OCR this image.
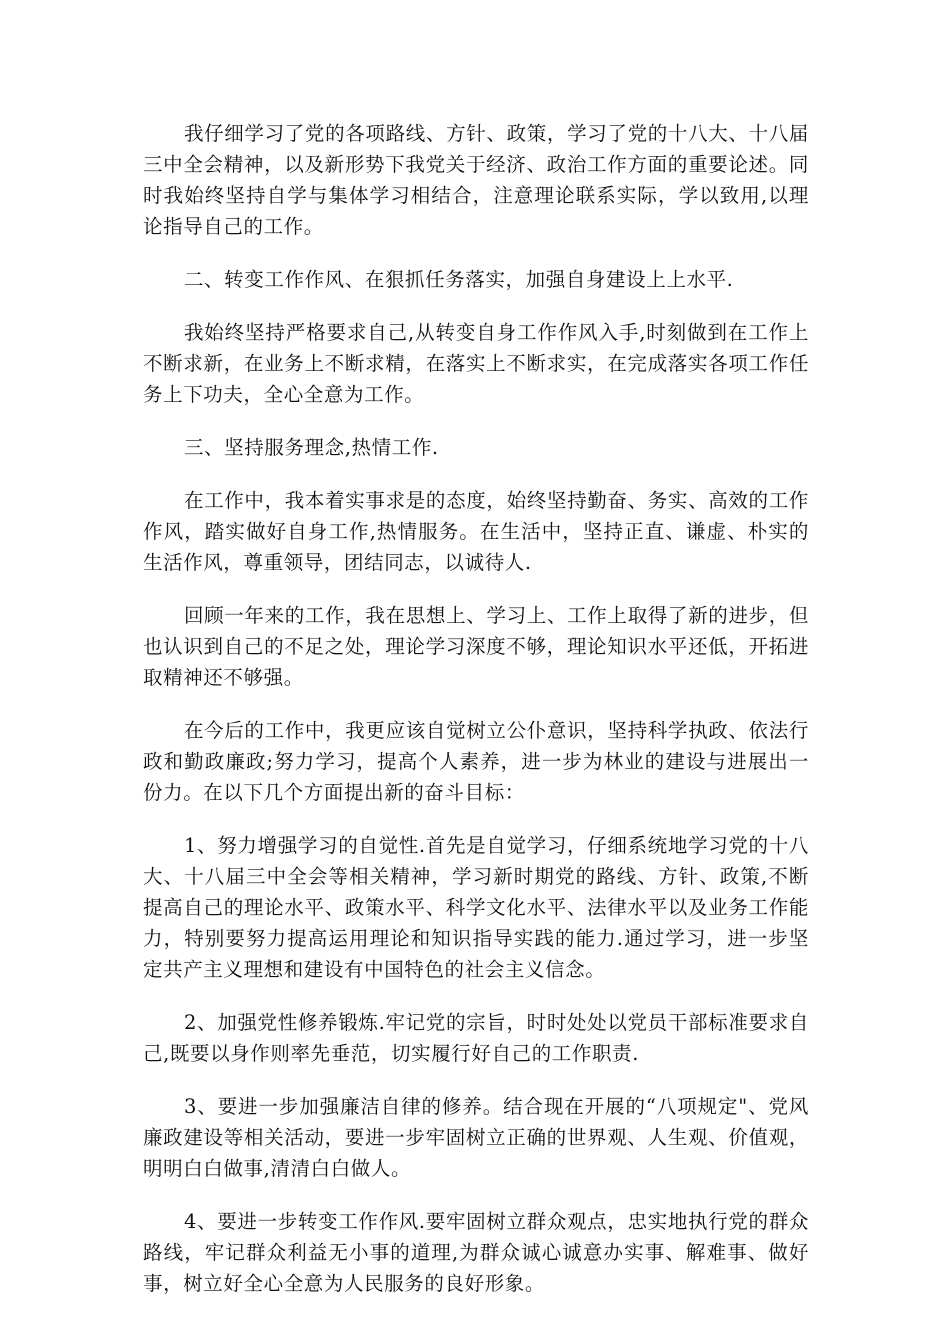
我仔细学习了党的各项路线、方针、政策，学习了党的十八大、十八届三中全会精神，以及新形势下我党关于经济、政治工作方面的重要论述。同时我始终坚持自学与集体学习相结合，注意理论联系实际，学以致用,以理论指导自己的工作。

二、转变工作作风、在狠抓任务落实，加强自身建设上上水平.

我始终坚持严格要求自己,从转变自身工作作风入手,时刻做到在工作上不断求新，在业务上不断求精，在落实上不断求实，在完成落实各项工作任务上下功夫，全心全意为工作。

三、坚持服务理念,热情工作.

在工作中，我本着实事求是的态度，始终坚持勤奋、务实、高效的工作作风，踏实做好自身工作,热情服务。在生活中，坚持正直、谦虚、朴实的生活作风，尊重领导，团结同志，以诚待人.

回顾一年来的工作，我在思想上、学习上、工作上取得了新的进步，但也认识到自己的不足之处，理论学习深度不够，理论知识水平还低，开拓进取精神还不够强。

在今后的工作中，我更应该自觉树立公仆意识，坚持科学执政、依法行政和勤政廉政;努力学习，提高个人素养，进一步为林业的建设与进展出一份力。在以下几个方面提出新的奋斗目标：

1、努力增强学习的自觉性.首先是自觉学习，仔细系统地学习党的十八大、十八届三中全会等相关精神，学习新时期党的路线、方针、政策,不断提高自己的理论水平、政策水平、科学文化水平、法律水平以及业务工作能力，特别要努力提高运用理论和知识指导实践的能力.通过学习，进一步坚定共产主义理想和建设有中国特色的社会主义信念。

2、加强党性修养锻炼.牢记党的宗旨，时时处处以党员干部标准要求自己,既要以身作则率先垂范，切实履行好自己的工作职责.

3、要进一步加强廉洁自律的修养。结合现在开展的“八项规定"、党风廉政建设等相关活动，要进一步牢固树立正确的世界观、人生观、价值观，明明白白做事,清清白白做人。

4、要进一步转变工作作风.要牢固树立群众观点，忠实地执行党的群众路线，牢记群众利益无小事的道理,为群众诚心诚意办实事、解难事、做好事，树立好全心全意为人民服务的良好形象。
